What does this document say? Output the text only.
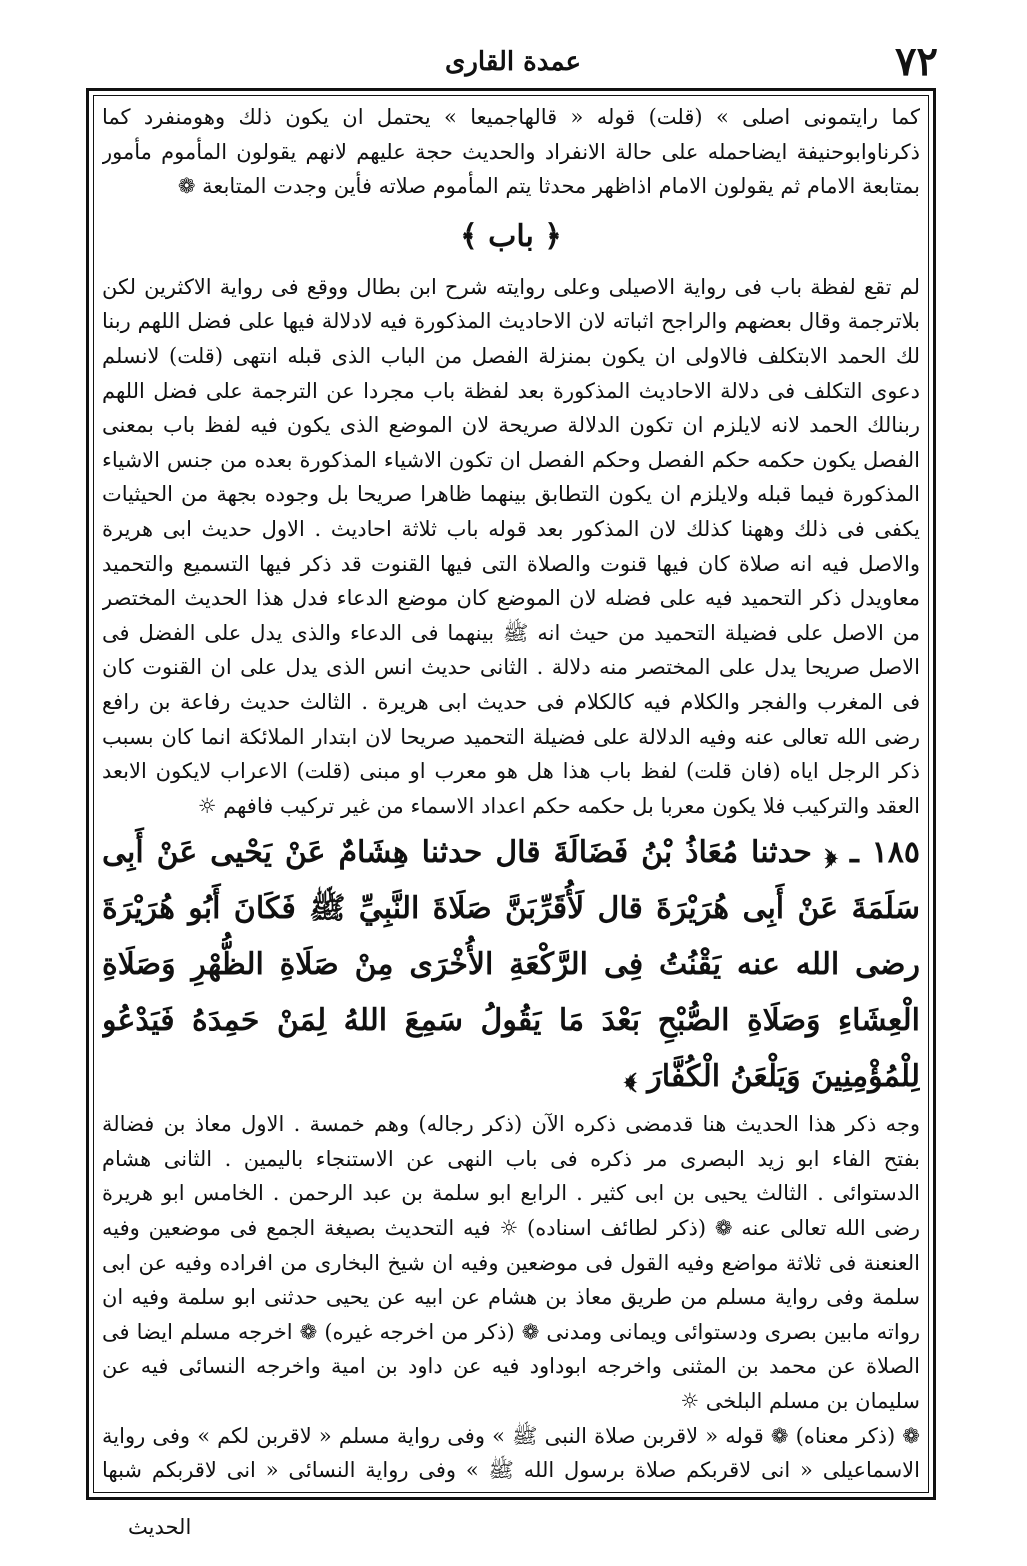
٧٢
عمدة القارى

كما رايتمونى اصلى » (قلت) قوله « قالهاجميعا » يحتمل ان يكون ذلك وهومنفرد كما ذكرناوابوحنيفة ايضاحمله على حالة الانفراد والحديث حجة عليهم لانهم يقولون المأموم مأمور بمتابعة الامام ثم يقولون الامام اذاظهر محدثا يتم المأموم صلاته فأين وجدت المتابعة ❁

﴿ باب ﴾

لم تقع لفظة باب فى رواية الاصيلى وعلى روايته شرح ابن بطال ووقع فى رواية الاكثرين لكن بلاترجمة وقال بعضهم والراجح اثباته لان الاحاديث المذكورة فيه لادلالة فيها على فضل اللهم ربنا لك الحمد الابتكلف فالاولى ان يكون بمنزلة الفصل من الباب الذى قبله انتهى (قلت) لانسلم دعوى التكلف فى دلالة الاحاديث المذكورة بعد لفظة باب مجردا عن الترجمة على فضل اللهم ربنالك الحمد لانه لايلزم ان تكون الدلالة صريحة لان الموضع الذى يكون فيه لفظ باب بمعنى الفصل يكون حكمه حكم الفصل وحكم الفصل ان تكون الاشياء المذكورة بعده من جنس الاشياء المذكورة فيما قبله ولايلزم ان يكون التطابق بينهما ظاهرا صريحا بل وجوده بجهة من الحيثيات يكفى فى ذلك وههنا كذلك لان المذكور بعد قوله باب ثلاثة احاديث . الاول حديث ابى هريرة والاصل فيه انه صلاة كان فيها قنوت والصلاة التى فيها القنوت قد ذكر فيها التسميع والتحميد معاويدل ذكر التحميد فيه على فضله لان الموضع كان موضع الدعاء فدل هذا الحديث المختصر من الاصل على فضيلة التحميد من حيث انه ﷺ بينهما فى الدعاء والذى يدل على الفضل فى الاصل صريحا يدل على المختصر منه دلالة . الثانى حديث انس الذى يدل على ان القنوت كان فى المغرب والفجر والكلام فيه كالكلام فى حديث ابى هريرة . الثالث حديث رفاعة بن رافع رضى الله تعالى عنه وفيه الدلالة على فضيلة التحميد صريحا لان ابتدار الملائكة انما كان بسبب ذكر الرجل اياه (فان قلت) لفظ باب هذا هل هو معرب او مبنى (قلت) الاعراب لايكون الابعد العقد والتركيب فلا يكون معربا بل حكمه حكم اعداد الاسماء من غير تركيب فافهم ☼

١٨٥ ـ ﴿ حدثنا مُعَاذُ بْنُ فَضَالَةَ قال حدثنا هِشَامٌ عَنْ يَحْيى عَنْ أَبِى سَلَمَةَ عَنْ أَبِى هُرَيْرَةَ قال لَأُقَرِّبَنَّ صَلَاةَ النَّبِيِّ ﷺ فَكَانَ أَبُو هُرَيْرَةَ رضى الله عنه يَقْنُتُ فِى الرَّكْعَةِ الأُخْرَى مِنْ صَلَاةِ الظُّهْرِ وَصَلَاةِ الْعِشَاءِ وَصَلَاةِ الصُّبْحِ بَعْدَ مَا يَقُولُ سَمِعَ اللهُ لِمَنْ حَمِدَهُ فَيَدْعُو لِلْمُؤْمِنِينَ وَيَلْعَنُ الْكُفَّارَ ﴾

وجه ذكر هذا الحديث هنا قدمضى ذكره الآن (ذكر رجاله) وهم خمسة . الاول معاذ بن فضالة بفتح الفاء ابو زيد البصرى مر ذكره فى باب النهى عن الاستنجاء باليمين . الثانى هشام الدستوائى . الثالث يحيى بن ابى كثير . الرابع ابو سلمة بن عبد الرحمن . الخامس ابو هريرة رضى الله تعالى عنه ❁ (ذكر لطائف اسناده) ☼ فيه التحديث بصيغة الجمع فى موضعين وفيه العنعنة فى ثلاثة مواضع وفيه القول فى موضعين وفيه ان شيخ البخارى من افراده وفيه عن ابى سلمة وفى رواية مسلم من طريق معاذ بن هشام عن ابيه عن يحيى حدثنى ابو سلمة وفيه ان رواته مابين بصرى ودستوائى ويمانى ومدنى ❁ (ذكر من اخرجه غيره) ❁ اخرجه مسلم ايضا فى الصلاة عن محمد بن المثنى واخرجه ابوداود فيه عن داود بن امية واخرجه النسائى فيه عن سليمان بن مسلم البلخى ☼

❁ (ذكر معناه) ❁ قوله « لاقربن صلاة النبى ﷺ » وفى رواية مسلم « لاقربن لكم » وفى رواية الاسماعيلى « انى لاقربكم صلاة برسول الله ﷺ » وفى رواية النسائى « انى لاقربكم شبها

الحديث
